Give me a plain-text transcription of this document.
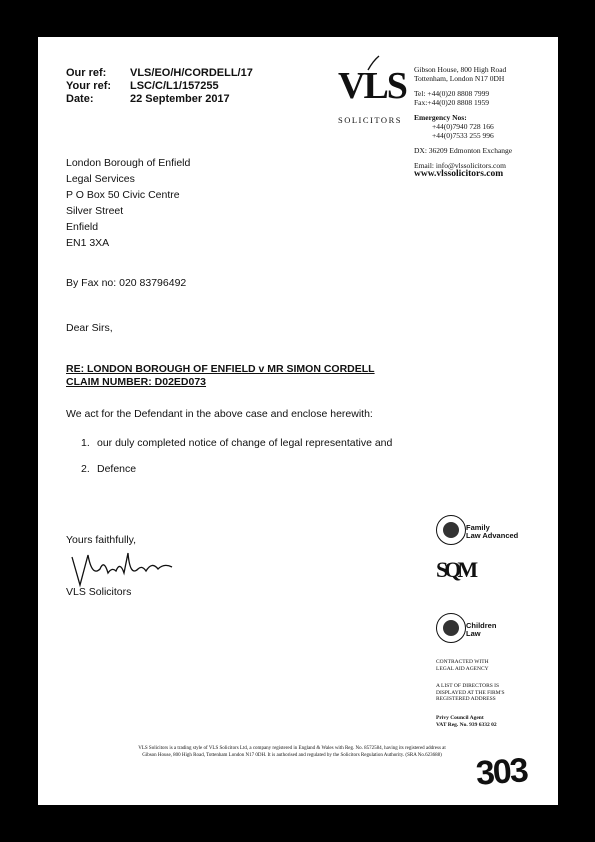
Our ref:	VLS/EO/H/CORDELL/17
Your ref:	LSC/C/L1/157255
Date:	22 September 2017	VLS
SOLICITORS
Gibson House, 800 High Road
Tottenham, London N17 0DH
Tel: +44(0)20 8808 7999
Fax:+44(0)20 8808 1959
Emergency Nos:
+44(0)7940 728 166
+44(0)7533 255 996
DX: 36209 Edmonton Exchange
Email: info@vlssolicitors.com
www.vlssolicitors.com
London Borough of Enfield
Legal Services
P O Box 50 Civic Centre
Silver Street
Enfield
EN1 3XA
By Fax no: 020 83796492
Dear Sirs,
RE: LONDON BOROUGH OF ENFIELD v MR SIMON CORDELL
CLAIM NUMBER: D02ED073
We act for the Defendant in the above case and enclose herewith:
1. our duly completed notice of change of legal representative and
2. Defence
Yours faithfully,
VLS Solicitors
Family
Law Advanced
SQM
Children
Law
CONTRACTED WITH
LEGAL AID AGENCY
A LIST OF DIRECTORS IS
DISPLAYED AT THE FIRM'S
REGISTERED ADDRESS
Privy Council Agent
VAT Reg. No. 939 6332 02
VLS Solicitors is a trading style of VLS Solicitors Ltd, a company registered in England & Wales with Reg. No. 8572584, having its registered address at
Gibson House, 800 High Road, Tottenham London N17 0DH. It is authorised and regulated by the Solicitors Regulation Authority. (SRA No.623688) 303
